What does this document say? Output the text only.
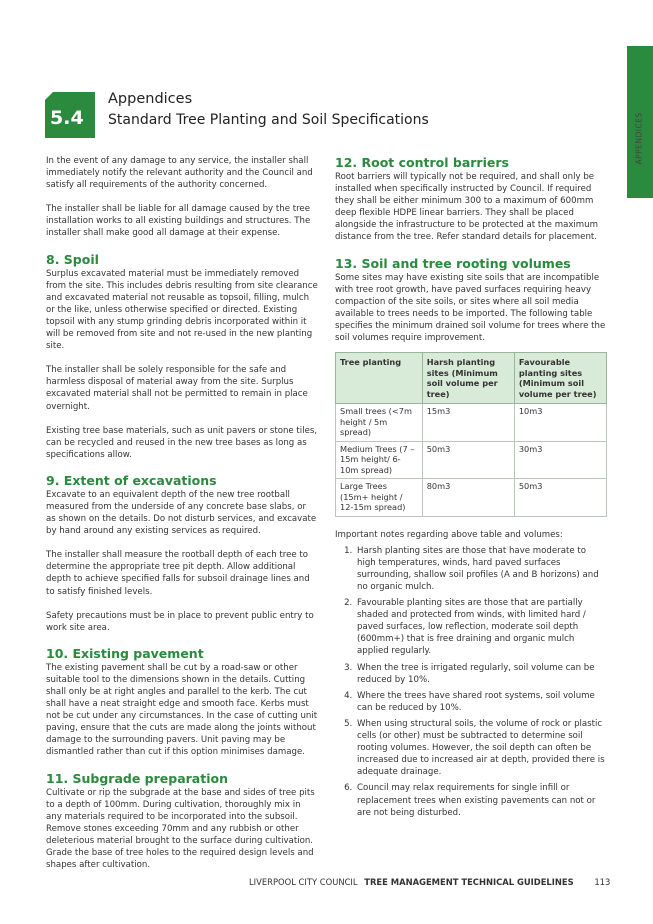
APPENDICES
5.4
Appendices
Standard Tree Planting and Soil Specifications

In the event of any damage to any service, the installer shall immediately notify the relevant authority and the Council and satisfy all requirements of the authority concerned.

The installer shall be liable for all damage caused by the tree installation works to all existing buildings and structures. The installer shall make good all damage at their expense.

8. Spoil

Surplus excavated material must be immediately removed from the site. This includes debris resulting from site clearance and excavated material not reusable as topsoil, filling, mulch or the like, unless otherwise specified or directed. Existing topsoil with any stump grinding debris incorporated within it will be removed from site and not re-used in the new planting site.

The installer shall be solely responsible for the safe and harmless disposal of material away from the site. Surplus excavated material shall not be permitted to remain in place overnight.

Existing tree base materials, such as unit pavers or stone tiles, can be recycled and reused in the new tree bases as long as specifications allow.

9. Extent of excavations

Excavate to an equivalent depth of the new tree rootball measured from the underside of any concrete base slabs, or as shown on the details. Do not disturb services, and excavate by hand around any existing services as required.

The installer shall measure the rootball depth of each tree to determine the appropriate tree pit depth. Allow additional depth to achieve specified falls for subsoil drainage lines and to satisfy finished levels.

Safety precautions must be in place to prevent public entry to work site area.

10. Existing pavement

The existing pavement shall be cut by a road-saw or other suitable tool to the dimensions shown in the details. Cutting shall only be at right angles and parallel to the kerb. The cut shall have a neat straight edge and smooth face. Kerbs must not be cut under any circumstances. In the case of cutting unit paving, ensure that the cuts are made along the joints without damage to the surrounding pavers. Unit paving may be dismantled rather than cut if this option minimises damage.

11. Subgrade preparation

Cultivate or rip the subgrade at the base and sides of tree pits to a depth of 100mm. During cultivation, thoroughly mix in any materials required to be incorporated into the subsoil. Remove stones exceeding 70mm and any rubbish or other deleterious material brought to the surface during cultivation. Grade the base of tree holes to the required design levels and shapes after cultivation.

12. Root control barriers

Root barriers will typically not be required, and shall only be installed when specifically instructed by Council. If required they shall be either minimum 300 to a maximum of 600mm deep flexible HDPE linear barriers. They shall be placed alongside the infrastructure to be protected at the maximum distance from the tree. Refer standard details for placement.

13. Soil and tree rooting volumes

Some sites may have existing site soils that are incompatible with tree root growth, have paved surfaces requiring heavy compaction of the site soils, or sites where all soil media available to trees needs to be imported. The following table specifies the minimum drained soil volume for trees where the soil volumes require improvement.

Tree planting	Harsh planting sites (Minimum soil volume per tree)	Favourable planting sites (Minimum soil volume per tree)
Small trees (<7m height / 5m spread)	15m3	10m3
Medium Trees (7 – 15m height/ 6-10m spread)	50m3	30m3
Large Trees (15m+ height / 12-15m spread)	80m3	50m3

Important notes regarding above table and volumes:

1. Harsh planting sites are those that have moderate to high temperatures, winds, hard paved surfaces surrounding, shallow soil profiles (A and B horizons) and no organic mulch.
2. Favourable planting sites are those that are partially shaded and protected from winds, with limited hard / paved surfaces, low reflection, moderate soil depth (600mm+) that is free draining and organic mulch applied regularly.
3. When the tree is irrigated regularly, soil volume can be reduced by 10%.
4. Where the trees have shared root systems, soil volume can be reduced by 10%.
5. When using structural soils, the volume of rock or plastic cells (or other) must be subtracted to determine soil rooting volumes. However, the soil depth can often be increased due to increased air at depth, provided there is adequate drainage.
6. Council may relax requirements for single infill or replacement trees when existing pavements can not or are not being disturbed.
LIVERPOOL CITY COUNCIL TREE MANAGEMENT TECHNICAL GUIDELINES 113
